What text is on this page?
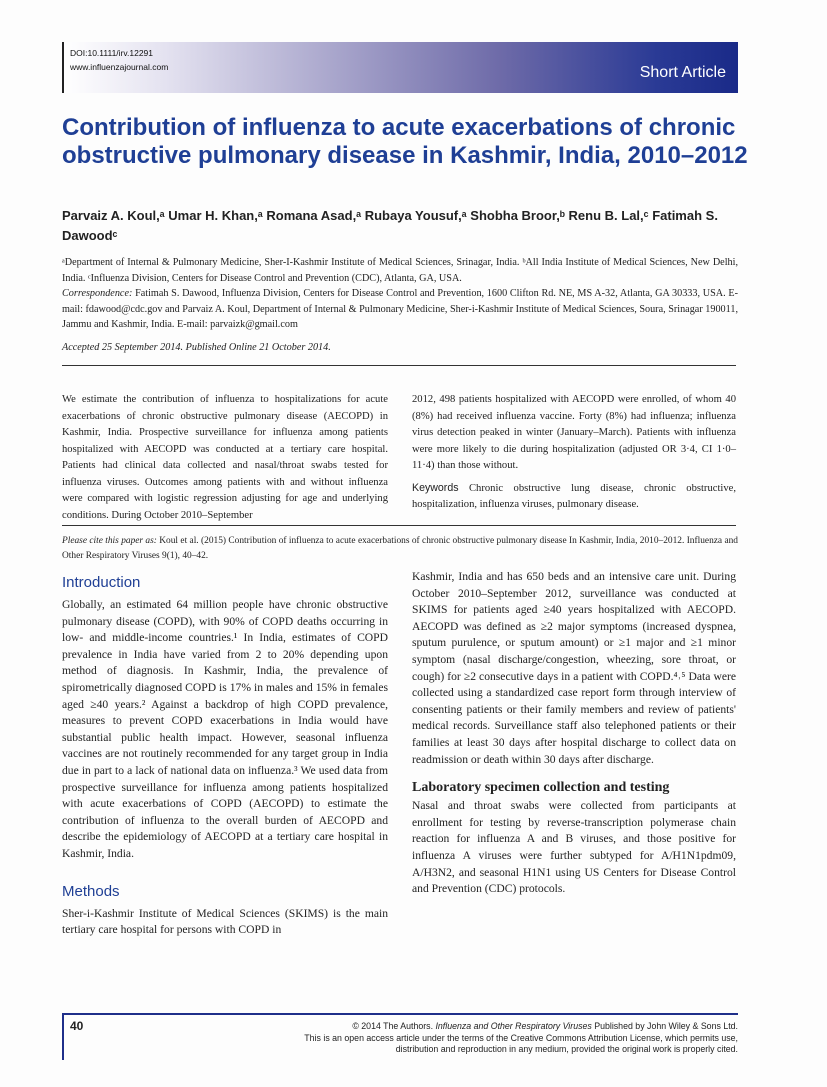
DOI:10.1111/irv.12291
www.influenzajournal.com	Short Article
Contribution of influenza to acute exacerbations of chronic obstructive pulmonary disease in Kashmir, India, 2010–2012
Parvaiz A. Koul,ᵃ Umar H. Khan,ᵃ Romana Asad,ᵃ Rubaya Yousuf,ᵃ Shobha Broor,ᵇ Renu B. Lal,ᶜ Fatimah S. Dawoodᶜ
ᵃDepartment of Internal & Pulmonary Medicine, Sher-I-Kashmir Institute of Medical Sciences, Srinagar, India. ᵇAll India Institute of Medical Sciences, New Delhi, India. ᶜInfluenza Division, Centers for Disease Control and Prevention (CDC), Atlanta, GA, USA.
Correspondence: Fatimah S. Dawood, Influenza Division, Centers for Disease Control and Prevention, 1600 Clifton Rd. NE, MS A-32, Atlanta, GA 30333, USA. E-mail: fdawood@cdc.gov and Parvaiz A. Koul, Department of Internal & Pulmonary Medicine, Sher-i-Kashmir Institute of Medical Sciences, Soura, Srinagar 190011, Jammu and Kashmir, India. E-mail: parvaizk@gmail.com
Accepted 25 September 2014. Published Online 21 October 2014.
We estimate the contribution of influenza to hospitalizations for acute exacerbations of chronic obstructive pulmonary disease (AECOPD) in Kashmir, India. Prospective surveillance for influenza among patients hospitalized with AECOPD was conducted at a tertiary care hospital. Patients had clinical data collected and nasal/throat swabs tested for influenza viruses. Outcomes among patients with and without influenza were compared with logistic regression adjusting for age and underlying conditions. During October 2010–September
2012, 498 patients hospitalized with AECOPD were enrolled, of whom 40 (8%) had received influenza vaccine. Forty (8%) had influenza; influenza virus detection peaked in winter (January–March). Patients with influenza were more likely to die during hospitalization (adjusted OR 3·4, CI 1·0–11·4) than those without.
Keywords Chronic obstructive lung disease, chronic obstructive, hospitalization, influenza viruses, pulmonary disease.
Please cite this paper as: Koul et al. (2015) Contribution of influenza to acute exacerbations of chronic obstructive pulmonary disease In Kashmir, India, 2010–2012. Influenza and Other Respiratory Viruses 9(1), 40–42.
Introduction
Globally, an estimated 64 million people have chronic obstructive pulmonary disease (COPD), with 90% of COPD deaths occurring in low- and middle-income countries.¹ In India, estimates of COPD prevalence in India have varied from 2 to 20% depending upon method of diagnosis. In Kashmir, India, the prevalence of spirometrically diagnosed COPD is 17% in males and 15% in females aged ≥40 years.² Against a backdrop of high COPD prevalence, measures to prevent COPD exacerbations in India would have substantial public health impact. However, seasonal influenza vaccines are not routinely recommended for any target group in India due in part to a lack of national data on influenza.³ We used data from prospective surveillance for influenza among patients hospitalized with acute exacerbations of COPD (AECOPD) to estimate the contribution of influenza to the overall burden of AECOPD and describe the epidemiology of AECOPD at a tertiary care hospital in Kashmir, India.
Methods
Sher-i-Kashmir Institute of Medical Sciences (SKIMS) is the main tertiary care hospital for persons with COPD in
Kashmir, India and has 650 beds and an intensive care unit. During October 2010–September 2012, surveillance was conducted at SKIMS for patients aged ≥40 years hospitalized with AECOPD. AECOPD was defined as ≥2 major symptoms (increased dyspnea, sputum purulence, or sputum amount) or ≥1 major and ≥1 minor symptom (nasal discharge/congestion, wheezing, sore throat, or cough) for ≥2 consecutive days in a patient with COPD.⁴˒⁵ Data were collected using a standardized case report form through interview of consenting patients or their family members and review of patients' medical records. Surveillance staff also telephoned patients or their families at least 30 days after hospital discharge to collect data on readmission or death within 30 days after discharge.
Laboratory specimen collection and testing
Nasal and throat swabs were collected from participants at enrollment for testing by reverse-transcription polymerase chain reaction for influenza A and B viruses, and those positive for influenza A viruses were further subtyped for A/H1N1pdm09, A/H3N2, and seasonal H1N1 using US Centers for Disease Control and Prevention (CDC) protocols.
40	© 2014 The Authors. Influenza and Other Respiratory Viruses Published by John Wiley & Sons Ltd.
This is an open access article under the terms of the Creative Commons Attribution License, which permits use,
distribution and reproduction in any medium, provided the original work is properly cited.
